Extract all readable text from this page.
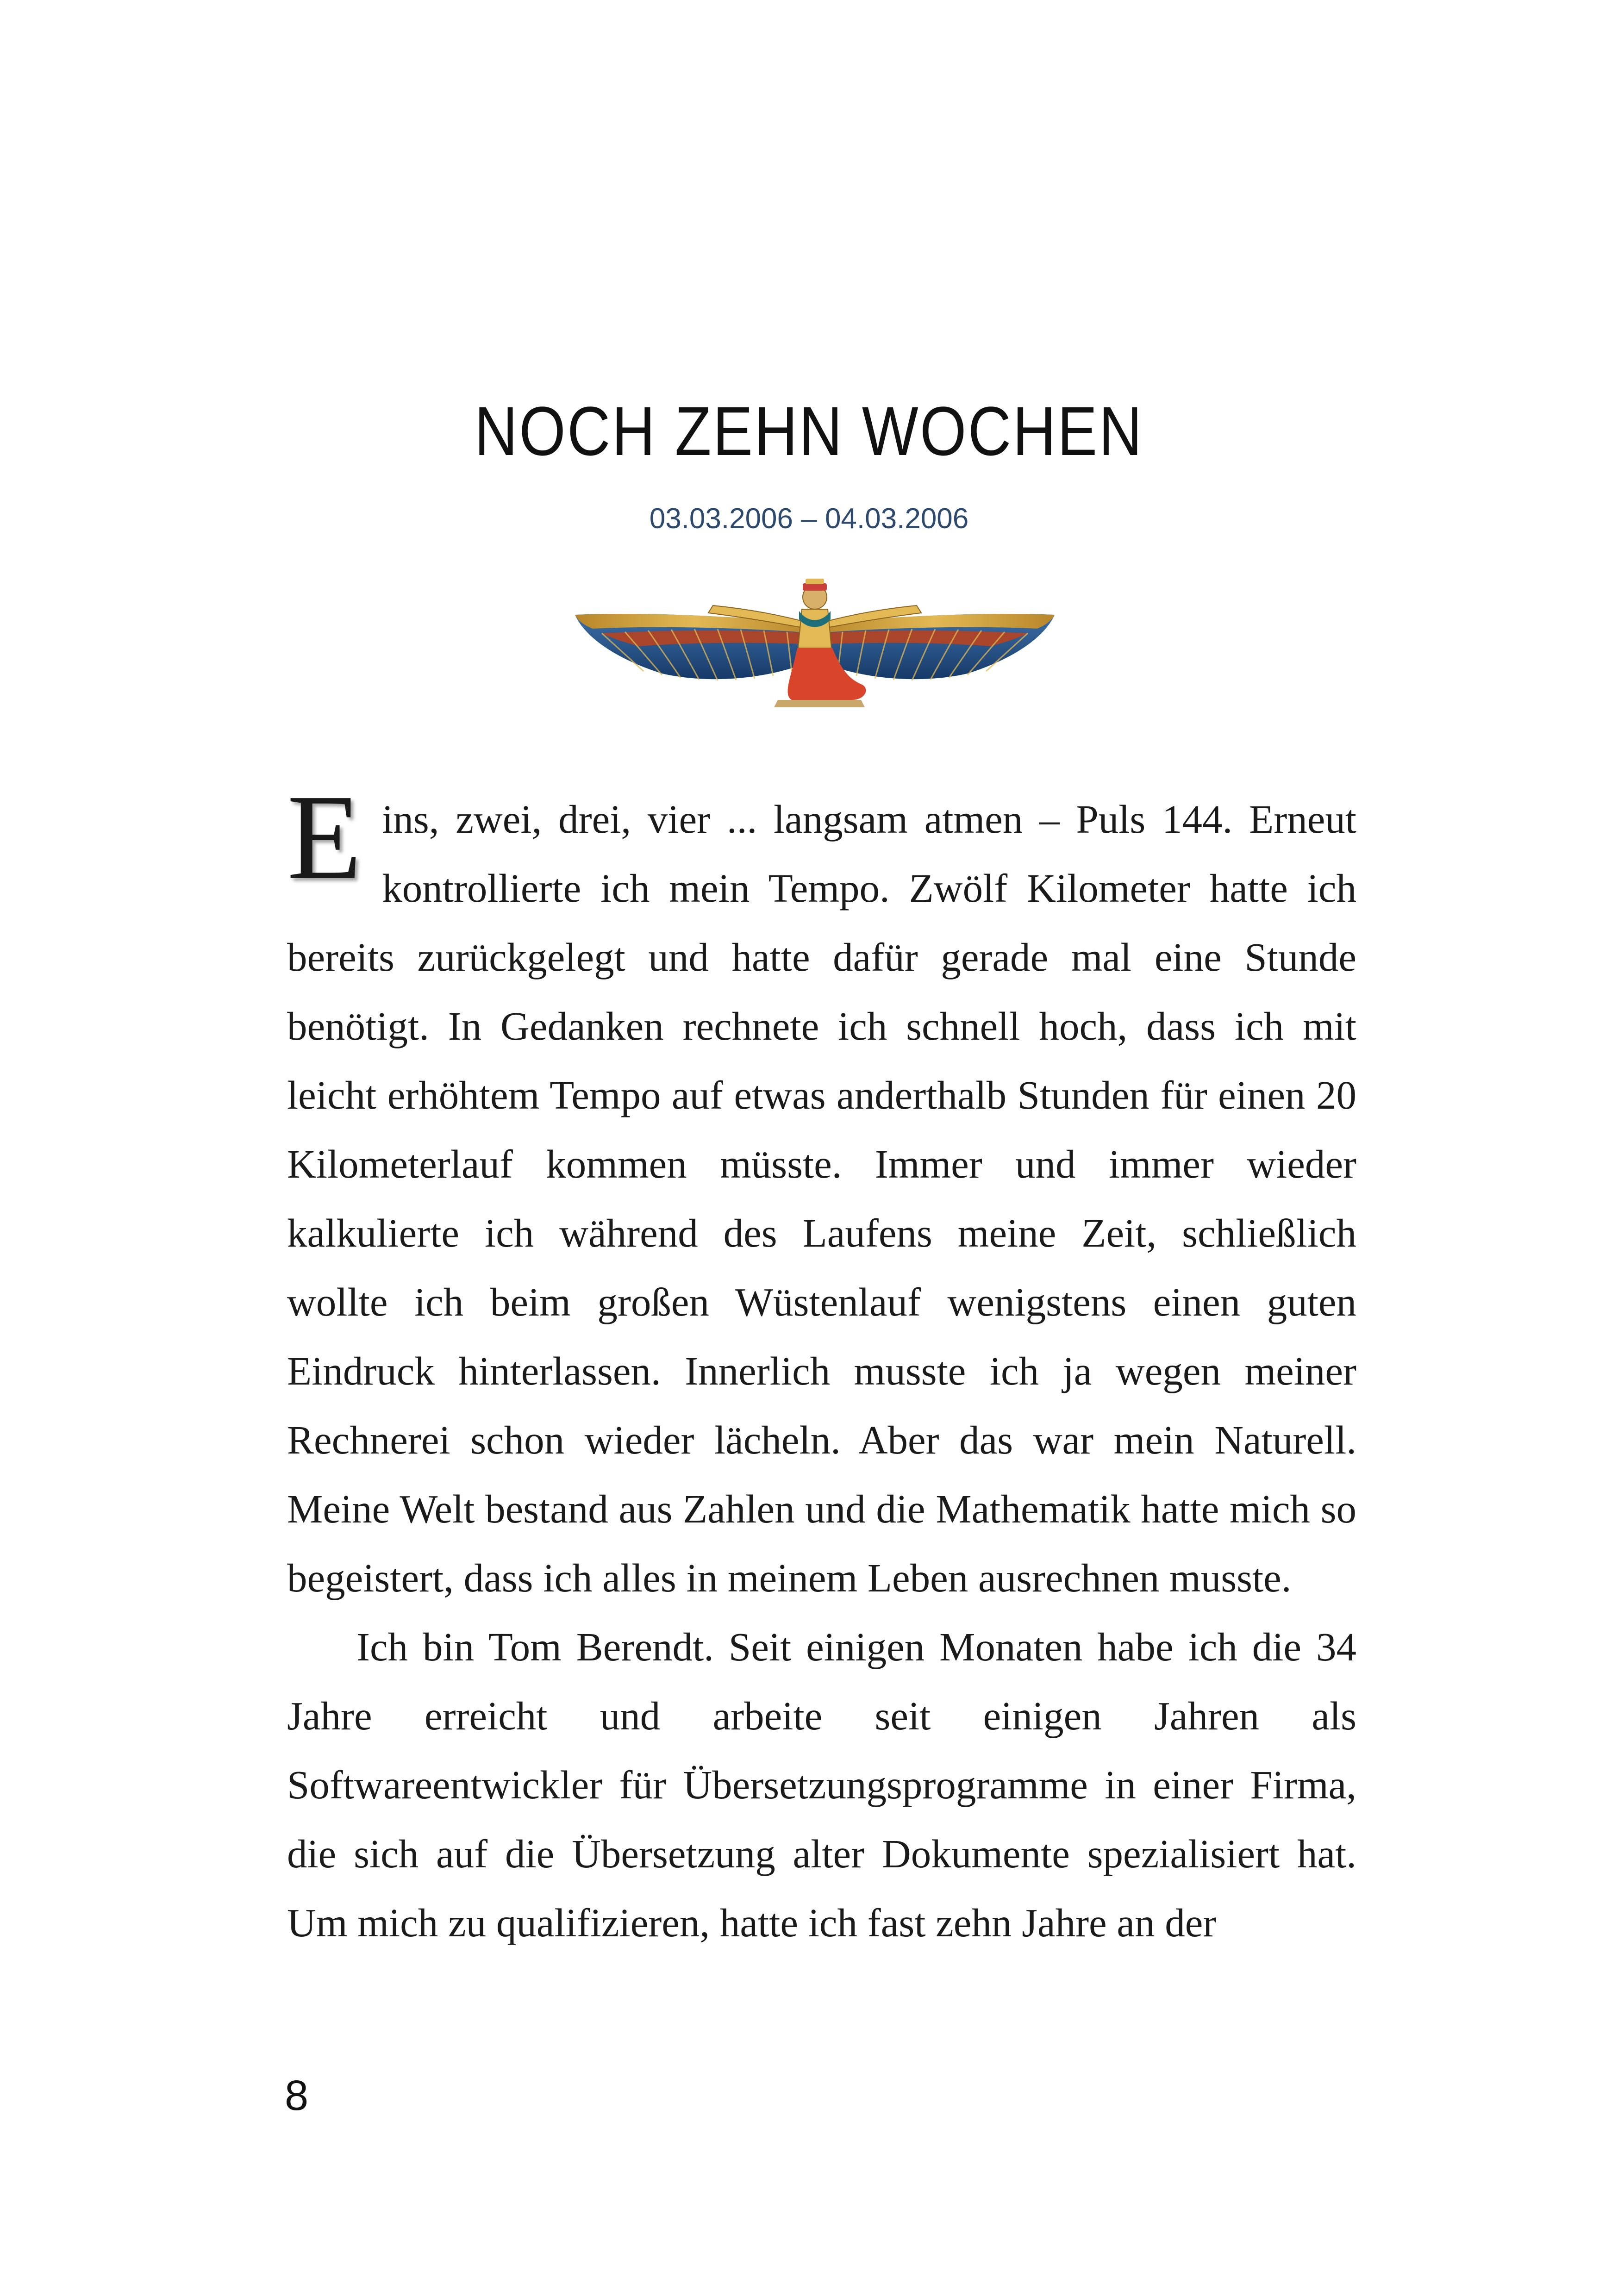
NOCH ZEHN WOCHEN
03.03.2006 – 04.03.2006

Eins, zwei, drei, vier ... langsam atmen – Puls 144. Erneut kontrollierte ich mein Tempo. Zwölf Kilometer hatte ich bereits zurückgelegt und hatte dafür gerade mal eine Stunde benötigt. In Gedanken rechnete ich schnell hoch, dass ich mit leicht erhöhtem Tempo auf etwas anderthalb Stunden für einen 20 Kilometerlauf kommen müsste. Immer und immer wieder kalkulierte ich während des Laufens meine Zeit, schließlich wollte ich beim großen Wüstenlauf wenigstens einen guten Eindruck hinterlassen. Innerlich musste ich ja wegen meiner Rechnerei schon wieder lächeln. Aber das war mein Naturell. Meine Welt bestand aus Zahlen und die Mathematik hatte mich so begeistert, dass ich alles in meinem Leben ausrechnen musste.

Ich bin Tom Berendt. Seit einigen Monaten habe ich die 34 Jahre erreicht und arbeite seit einigen Jahren als Softwareentwickler für Übersetzungsprogramme in einer Firma, die sich auf die Übersetzung alter Dokumente spezialisiert hat. Um mich zu qualifizieren, hatte ich fast zehn Jahre an der

8
